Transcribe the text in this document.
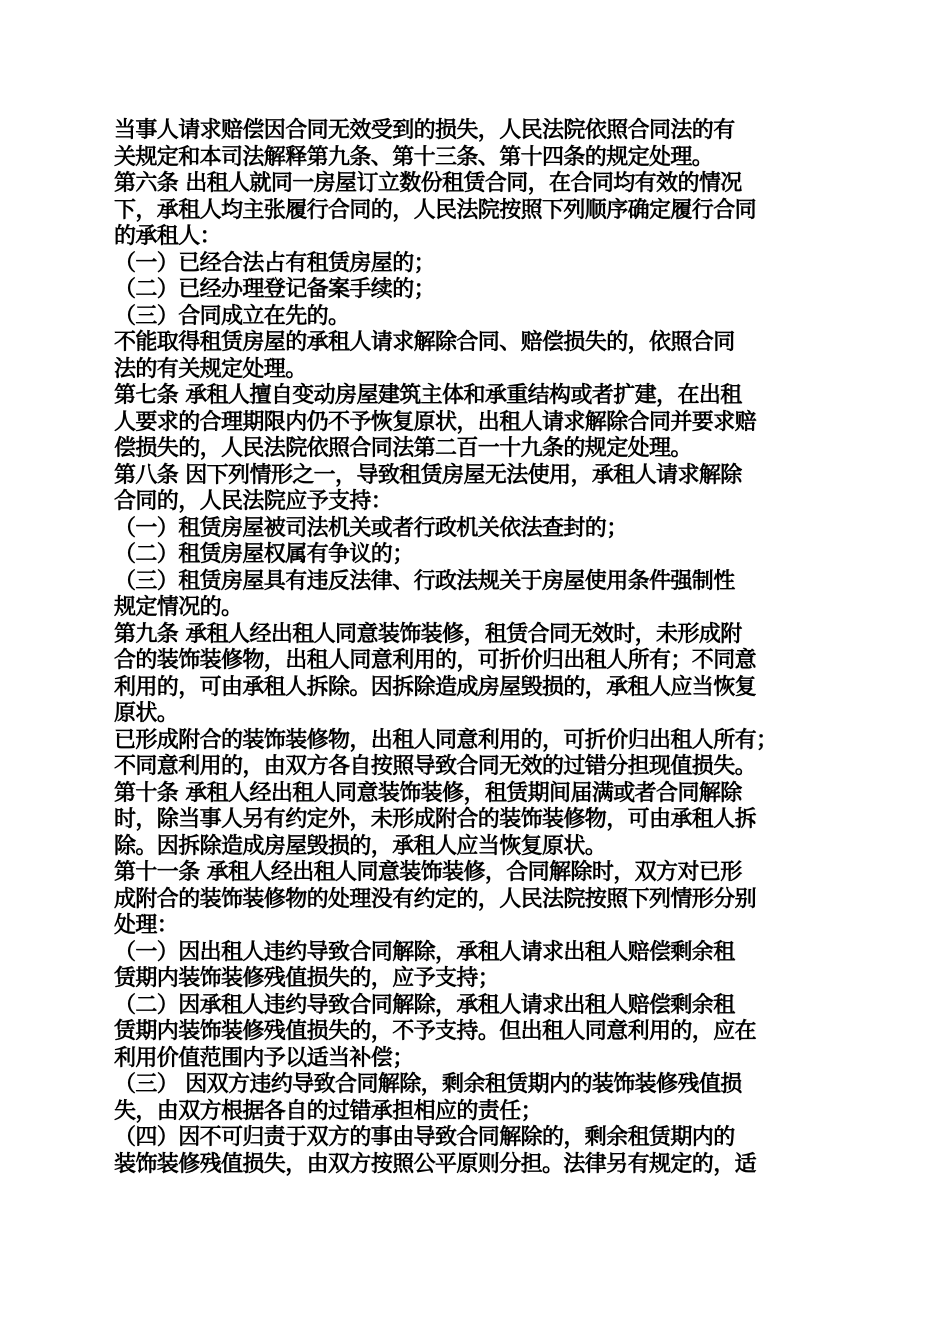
当事人请求赔偿因合同无效受到的损失，人民法院依照合同法的有

关规定和本司法解释第九条、第十三条、第十四条的规定处理。

第六条 出租人就同一房屋订立数份租赁合同，在合同均有效的情况

下，承租人均主张履行合同的，人民法院按照下列顺序确定履行合同

的承租人：

（一）已经合法占有租赁房屋的；

（二）已经办理登记备案手续的；

（三）合同成立在先的。

不能取得租赁房屋的承租人请求解除合同、赔偿损失的，依照合同

法的有关规定处理。

第七条 承租人擅自变动房屋建筑主体和承重结构或者扩建，在出租

人要求的合理期限内仍不予恢复原状，出租人请求解除合同并要求赔

偿损失的，人民法院依照合同法第二百一十九条的规定处理。

第八条 因下列情形之一，导致租赁房屋无法使用，承租人请求解除

合同的，人民法院应予支持：

（一）租赁房屋被司法机关或者行政机关依法查封的；

（二）租赁房屋权属有争议的；

（三）租赁房屋具有违反法律、行政法规关于房屋使用条件强制性

规定情况的。

第九条 承租人经出租人同意装饰装修，租赁合同无效时，未形成附

合的装饰装修物，出租人同意利用的，可折价归出租人所有；不同意

利用的，可由承租人拆除。因拆除造成房屋毁损的，承租人应当恢复

原状。

已形成附合的装饰装修物，出租人同意利用的，可折价归出租人所有；

不同意利用的，由双方各自按照导致合同无效的过错分担现值损失。

第十条 承租人经出租人同意装饰装修，租赁期间届满或者合同解除

时，除当事人另有约定外，未形成附合的装饰装修物，可由承租人拆

除。因拆除造成房屋毁损的，承租人应当恢复原状。

第十一条 承租人经出租人同意装饰装修，合同解除时，双方对已形

成附合的装饰装修物的处理没有约定的，人民法院按照下列情形分别

处理：

（一）因出租人违约导致合同解除，承租人请求出租人赔偿剩余租

赁期内装饰装修残值损失的，应予支持；

（二）因承租人违约导致合同解除，承租人请求出租人赔偿剩余租

赁期内装饰装修残值损失的，不予支持。但出租人同意利用的，应在

利用价值范围内予以适当补偿；

（三） 因双方违约导致合同解除，剩余租赁期内的装饰装修残值损

失，由双方根据各自的过错承担相应的责任；

（四）因不可归责于双方的事由导致合同解除的，剩余租赁期内的

装饰装修残值损失，由双方按照公平原则分担。法律另有规定的，适
